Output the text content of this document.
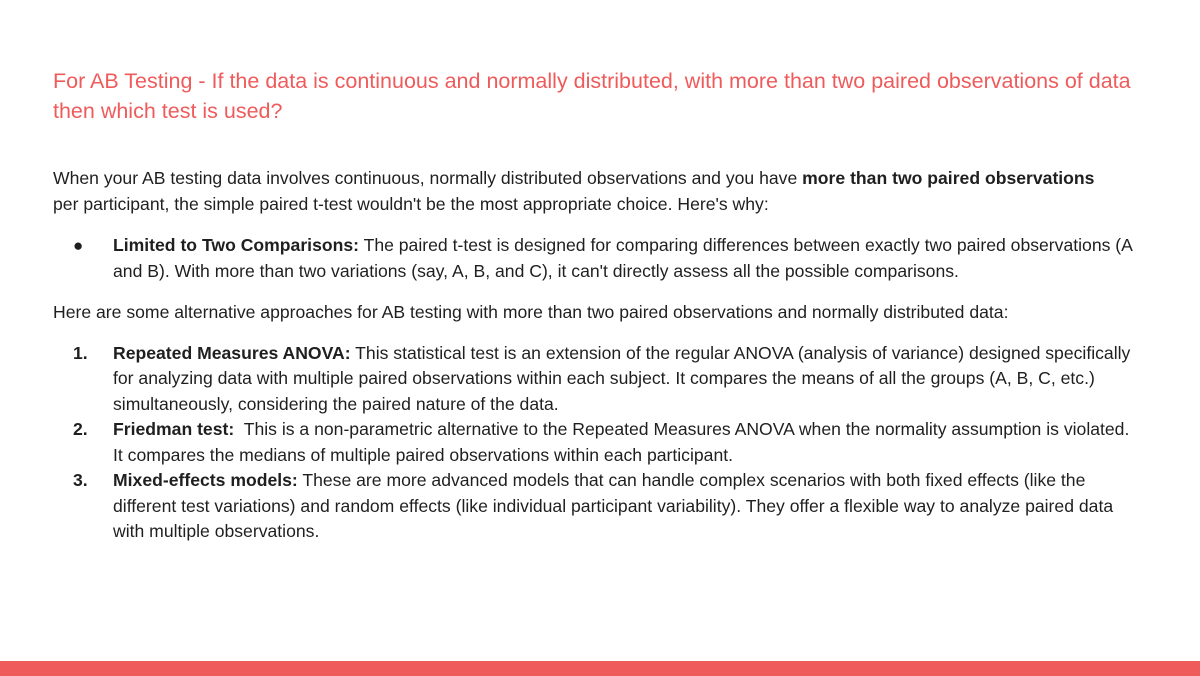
For AB Testing - If the data is continuous and normally distributed, with more than two paired observations of data then which test is used?

When your AB testing data involves continuous, normally distributed observations and you have more than two paired observations per participant, the simple paired t-test wouldn't be the most appropriate choice. Here's why:

● Limited to Two Comparisons: The paired t-test is designed for comparing differences between exactly two paired observations (A and B). With more than two variations (say, A, B, and C), it can't directly assess all the possible comparisons.

Here are some alternative approaches for AB testing with more than two paired observations and normally distributed data:

1. Repeated Measures ANOVA: This statistical test is an extension of the regular ANOVA (analysis of variance) designed specifically for analyzing data with multiple paired observations within each subject. It compares the means of all the groups (A, B, C, etc.) simultaneously, considering the paired nature of the data.
2. Friedman test:  This is a non-parametric alternative to the Repeated Measures ANOVA when the normality assumption is violated. It compares the medians of multiple paired observations within each participant.
3. Mixed-effects models: These are more advanced models that can handle complex scenarios with both fixed effects (like the different test variations) and random effects (like individual participant variability). They offer a flexible way to analyze paired data with multiple observations.
